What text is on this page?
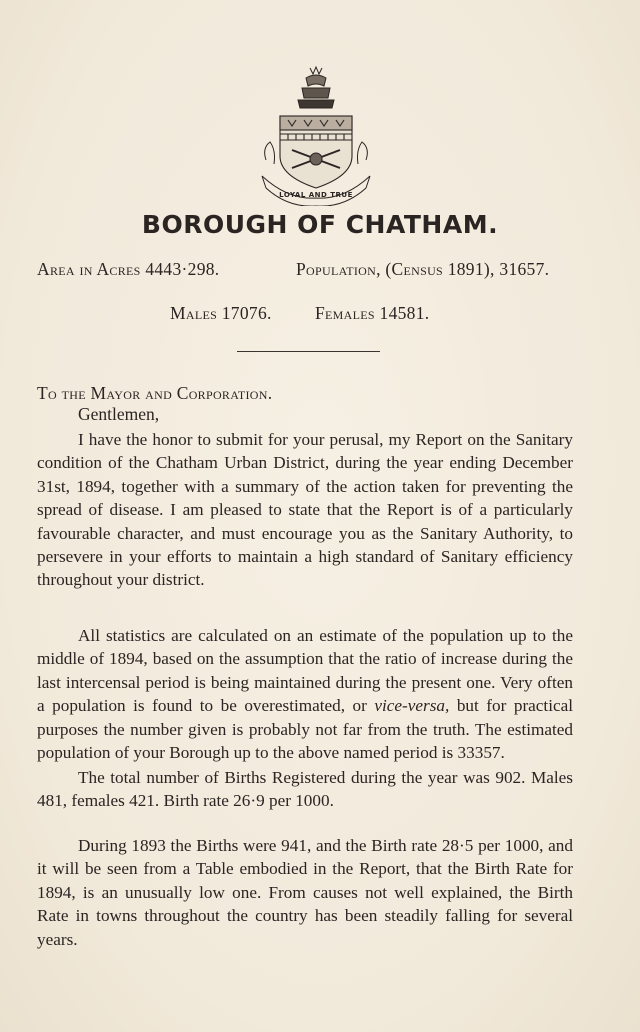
LOYAL AND TRUE
BOROUGH OF CHATHAM.
Area in Acres 4443·298.	Population, (Census 1891), 31657.
Males 17076. Females 14581.
To the Mayor and Corporation.
Gentlemen,

I have the honor to submit for your perusal, my Report on the Sanitary condition of the Chatham Urban District, during the year ending December 31st, 1894, together with a summary of the action taken for preventing the spread of disease. I am pleased to state that the Report is of a particularly favourable character, and must encourage you as the Sanitary Authority, to persevere in your efforts to maintain a high standard of Sanitary efficiency throughout your district.

All statistics are calculated on an estimate of the population up to the middle of 1894, based on the assumption that the ratio of increase during the last intercensal period is being maintained during the present one. Very often a population is found to be overestimated, or vice-versa, but for practical purposes the number given is probably not far from the truth. The estimated population of your Borough up to the above named period is 33357.

The total number of Births Registered during the year was 902. Males 481, females 421. Birth rate 26·9 per 1000.

During 1893 the Births were 941, and the Birth rate 28·5 per 1000, and it will be seen from a Table embodied in the Report, that the Birth Rate for 1894, is an unusually low one. From causes not well explained, the Birth Rate in towns throughout the country has been steadily falling for several years.
